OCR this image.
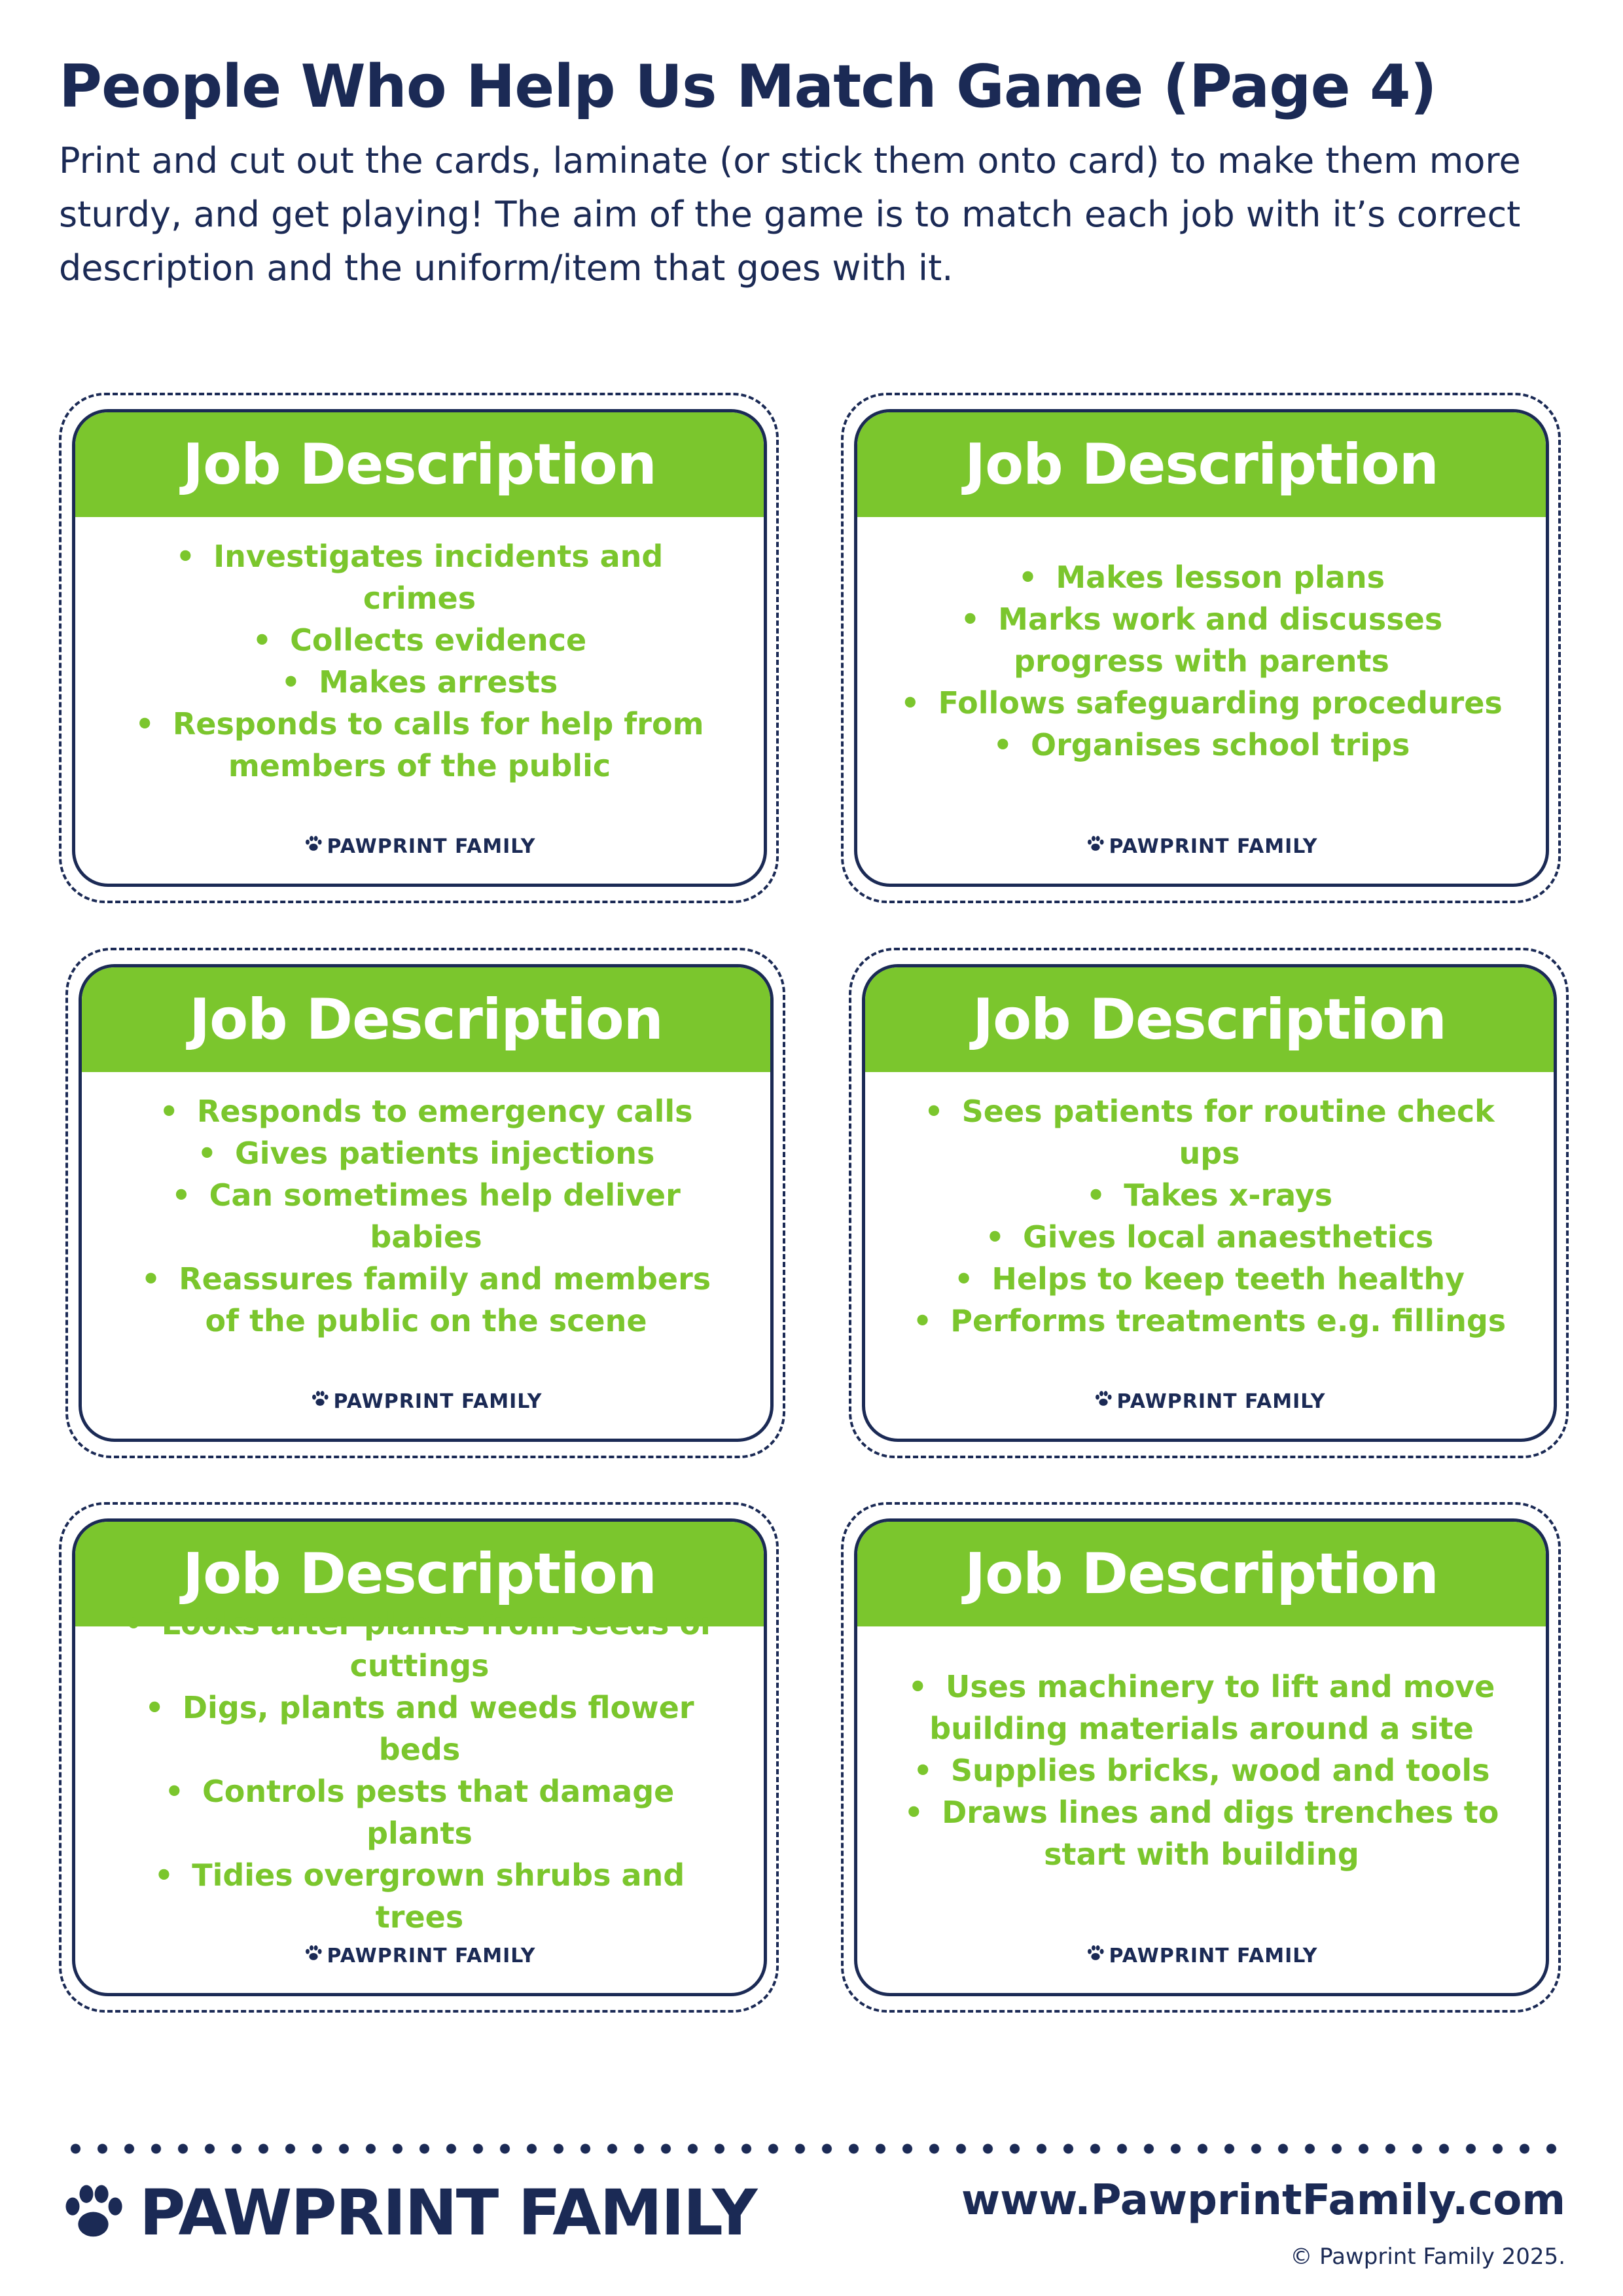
People Who Help Us Match Game (Page 4)

Print and cut out the cards, laminate (or stick them onto card) to make them more sturdy, and get playing! The aim of the game is to match each job with it’s correct description and the uniform/item that goes with it.

Job Description
• Investigates incidents and crimes
• Collects evidence
• Makes arrests
• Responds to calls for help from members of the public
PAWPRINT FAMILY
Job Description
• Makes lesson plans
• Marks work and discusses progress with parents
• Follows safeguarding procedures
• Organises school trips
PAWPRINT FAMILY
Job Description
• Responds to emergency calls
• Gives patients injections
• Can sometimes help deliver babies
• Reassures family and members of the public on the scene
PAWPRINT FAMILY
Job Description
• Sees patients for routine check ups
• Takes x-rays
• Gives local anaesthetics
• Helps to keep teeth healthy
• Performs treatments e.g. fillings
PAWPRINT FAMILY
Job Description
• Looks after plants from seeds or cuttings
• Digs, plants and weeds flower beds
• Controls pests that damage plants
• Tidies overgrown shrubs and trees
PAWPRINT FAMILY
Job Description
• Uses machinery to lift and move building materials around a site
• Supplies bricks, wood and tools
• Draws lines and digs trenches to start with building
PAWPRINT FAMILY
PAWPRINT FAMILY	www.PawprintFamily.com
© Pawprint Family 2025.
